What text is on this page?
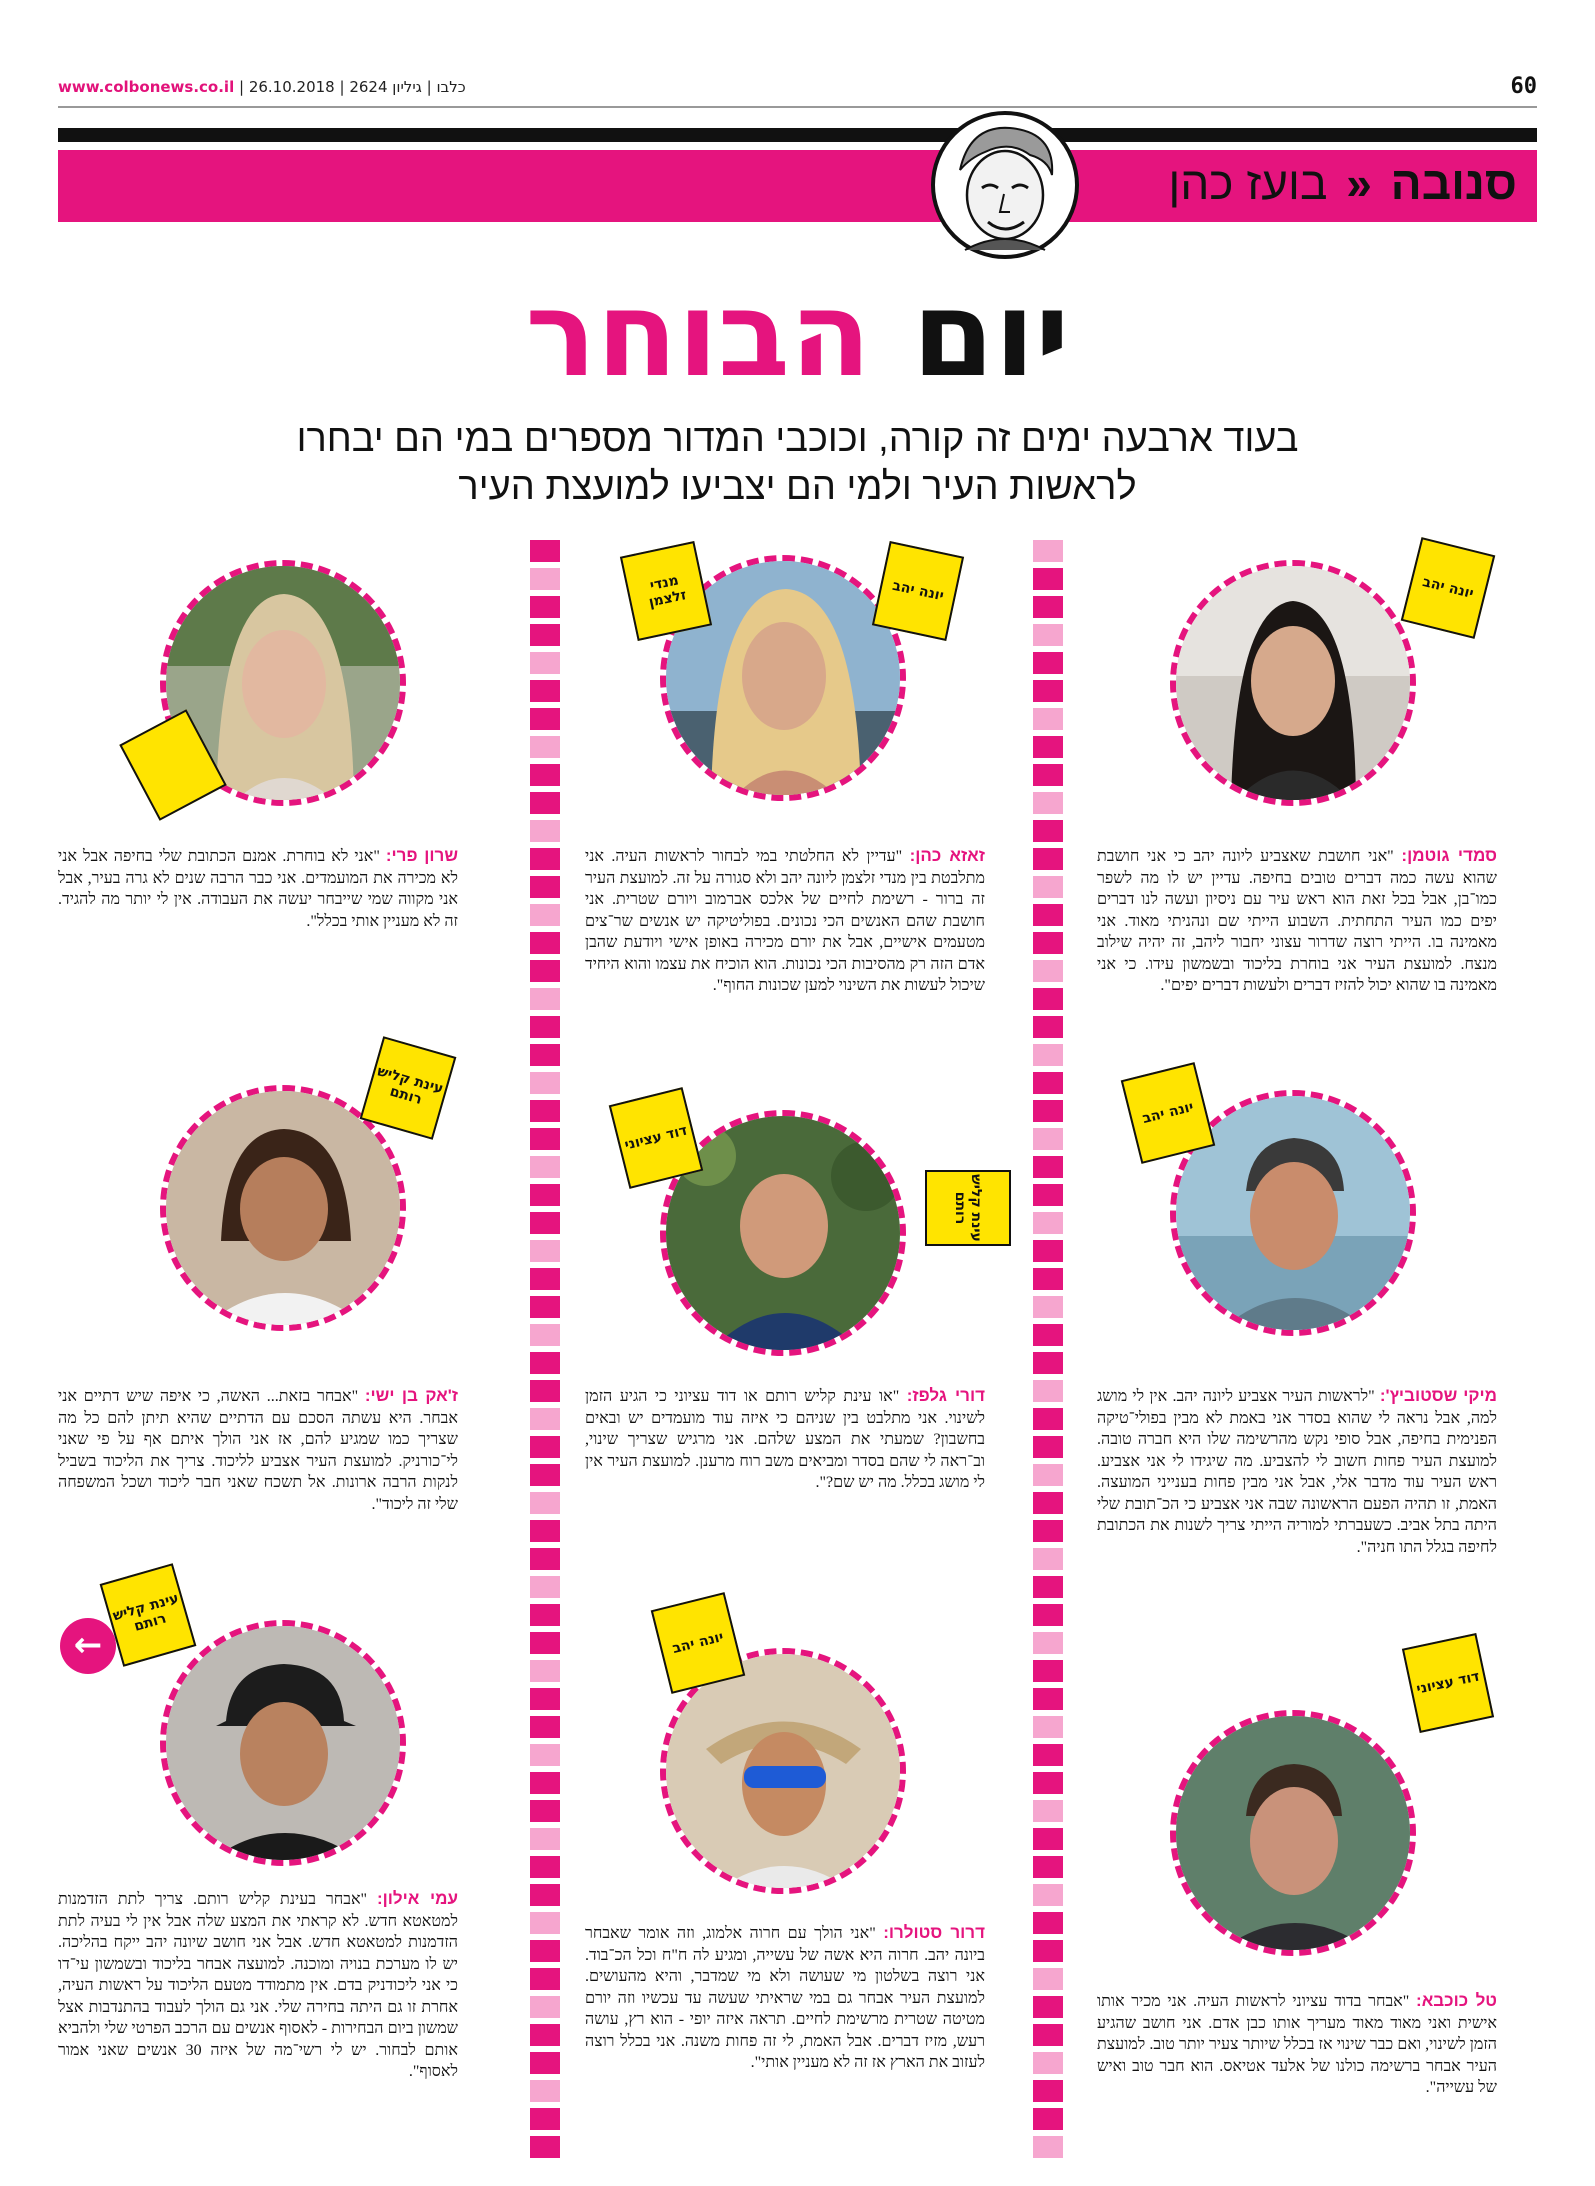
www.colbonews.co.il | כלבו | גיליון 2624 | 26.10.2018	60
סנובה « בועז כהן
יום הבוחר
בעוד ארבעה ימים זה קורה, וכוכבי המדור מספרים במי הם יבחרו
לראשות העיר ולמי הם יצביעו למועצת העיר
יונה יהב
סמדי גוטמן: "אני חושבת שאצביע ליונה יהב כי אני חושבת שהוא עשה כמה דברים טובים בחיפה. עדיין יש לו מה לשפר כמו־בן, אבל בכל זאת הוא ראש עיר עם ניסיון ועשה לנו דברים יפים כמו העיר התחתית. השבוע הייתי שם ונהניתי מאוד. אני מאמינה בו. הייתי רוצה שדרור עצוני יחבור ליהב, זה יהיה שילוב מנצח. למועצת העיר אני בוחרת בליכוד ובשמשון עידו. כי אני מאמינה בו שהוא יכול להזיז דברים ולעשות דברים יפים".
מנדי זלצמן	יונה יהב
זאזא כהן: "עדיין לא החלטתי במי לבחור לראשות העיה. אני מתלבטת בין מנדי זלצמן ליונה יהב ולא סגורה על זה. למועצת העיר זה ברור - רשימת לחיים של אלכס אברמוב ויורם שטרית. אני חושבת שהם האנשים הכי נכונים. בפוליטיקה יש אנשים שר־צים מטעמים אישיים, אבל את יורם מכירה באופן אישי ויודעת שהבן אדם הזה רק מהסיבות הכי נכונות. הוא הוכיח את עצמו והוא היחיד שיכול לעשות את השינוי למען שכונות החוף".
שרון פרי: "אני לא בוחרת. אמנם הכתובת שלי בחיפה אבל אני לא מכירה את המועמדים. אני כבר הרבה שנים לא גרה בעיר, אבל אני מקווה שמי שייבחר יעשה את העבודה. אין לי יותר מה להגיד. זה לא מעניין אותי בכלל".
יונה יהב
מיקי שסטוביץ': "לראשות העיר אצביע ליונה יהב. אין לי מושג למה, אבל נראה לי שהוא בסדר אני באמת לא מבין בפולי־טיקה הפנימית בחיפה, אבל סופי נקש מהרשימה שלו היא חברה טובה. למועצת העיר פחות חשוב לי להצביע. מה שיגידו לי אני אצביע. ראש העיר עוד מדבר אלי, אבל אני מבין פחות בענייני המועצה. האמת, זו תהיה הפעם הראשונה שבה אני אצביע כי הכ־תובת שלי היתה בתל אביב. כשעברתי למוריה הייתי צריך לשנות את הכתובת לחיפה בגלל התו חניה".
דוד עציוני
עינת קליש רותם
דורי גלפז: "או עינת קליש רותם או דוד עציוני כי הגיע הזמן לשינוי. אני מתלבט בין שניהם כי איזה עוד מועמדים יש ובאים בחשבון? שמעתי את המצע שלהם. אני מרגיש שצריך שינוי, וב־ראה לי שהם בסדר ומביאים משב רוח מרענן. למועצת העיר אין לי מושג בכלל. מה יש שם?".
עינת קליש רותם
ז'אק בן ישי: "אבחר בזאת... האשה, כי איפה שיש דתיים אני אבחר. היא עשתה הסכם עם הדתיים שהיא תיתן להם כל מה שצריך כמו שמגיע להם, אז אני הולך איתם אף על פי שאני לי־כורניק. למועצת העיר אצביע לליכוד. צריך את הליכוד בשביל לנקות הרבה ארונות. אל תשכח שאני חבר ליכוד ושכל המשפחה שלי זה ליכוד".
דוד עציוני
טל כוכבא: "אבחר בדוד עציוני לראשות העיה. אני מכיר אותו אישית ואני מאוד מאוד מעריך אותו כבן אדם. אני חושב שהגיע הזמן לשינוי, ואם כבר שינוי אז בכלל שיותר צעיר יותר טוב. למועצת העיר אבחר ברשימה כולנו של אלעד אטיאס. הוא חבר טוב ואיש של עשייה".
יונה יהב
דרור סטולרו: "אני הולך עם חרוה אלמוג, וזה אומר שאבחר ביונה יהב. חרוה היא אשה של עשייה, ומגיע לה ח"ח וכל הכ־בוד. אני רוצה בשלטון מי שעושה ולא מי שמדבר, והיא מהעושים. למועצת העיר אבחר גם במי שראיתי שעשה עד עכשיו וזה יורם מטיטה שטרית מרשימת לחיים. תראה איזה יופי - הוא רץ, עושה רעש, מזיז דברים. אבל האמת, לי זה פחות משנה. אני בכלל רוצה לעזוב את הארץ אז זה לא מעניין אותי".
עינת קליש רותם
עמי אילון: "אבחר בעינת קליש רותם. צריך לתת הזדמנות למטאטא חדש. לא קראתי את המצע שלה אבל אין לי בעיה לתת הזדמנות למטאטא חדש. אבל אני חושב שיונה יהב ייקח בהליכה. יש לו מערכת בנויה ומוכנה. למועצה אבחר בליכוד ובשמשון עי־דו כי אני ליכודניק בדם. אין מתמודד מטעם הליכוד על ראשות העיה, אחרת זו גם היתה בחירה שלי. אני גם הולך לעבוד בהתנדבות אצל שמשון ביום הבחירות - לאסוף אנשים עם הרכב הפרטי שלי ולהביא אותם לבחור. יש לי רשי־מה של איזה 30 אנשים שאני אמור לאסוף".
←
